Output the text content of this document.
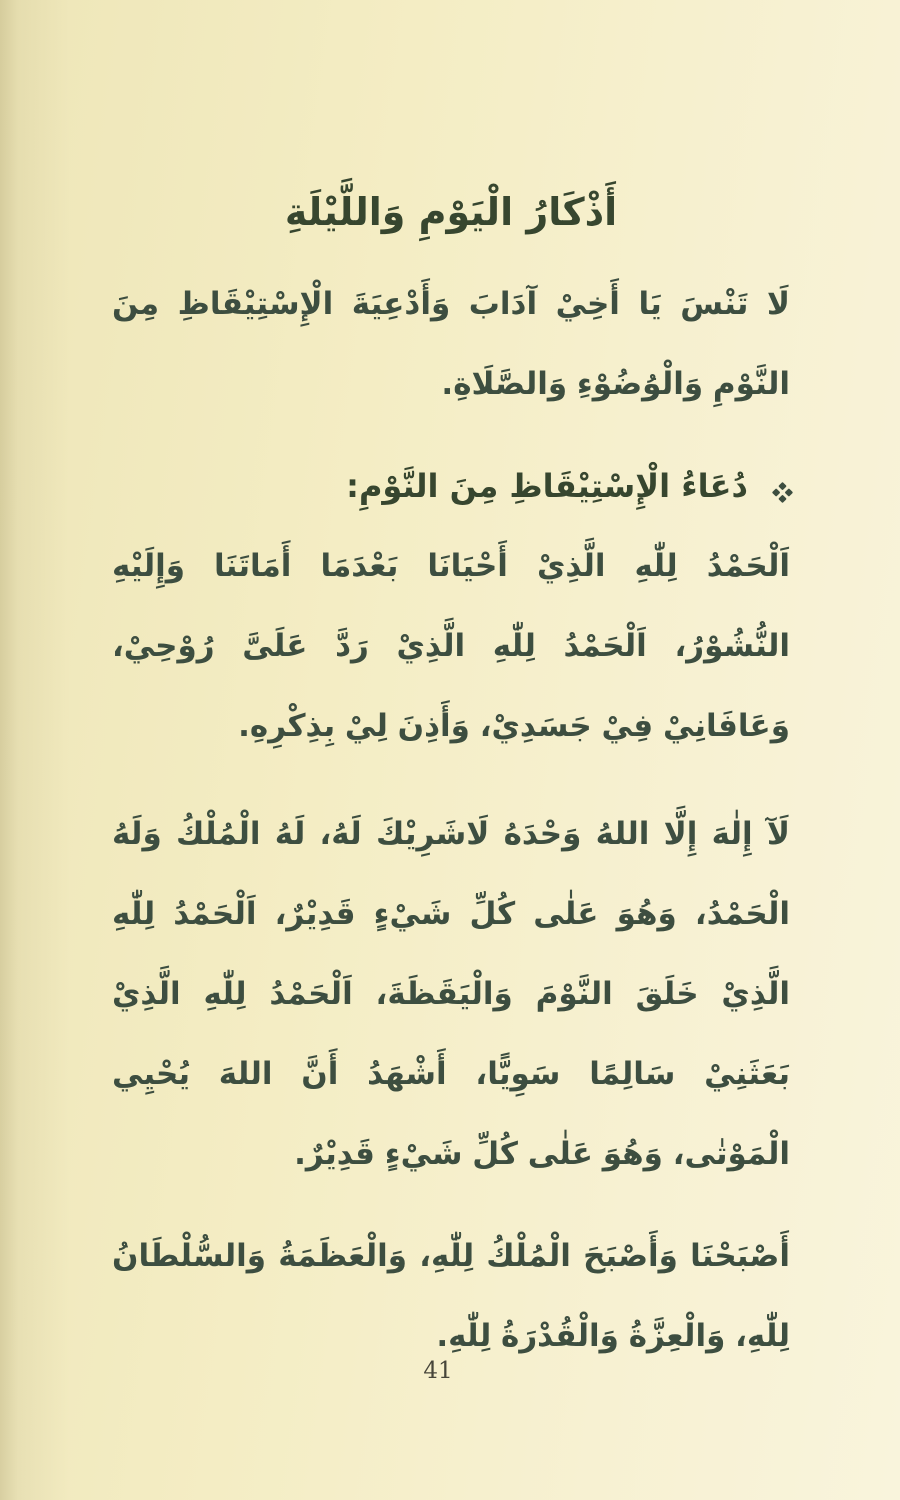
أَذْكَارُ الْيَوْمِ وَاللَّيْلَةِ

لَا تَنْسَ يَا أَخِيْ آدَابَ وَأَدْعِيَةَ الْإِسْتِيْقَاظِ مِنَ النَّوْمِ وَالْوُضُوْءِ وَالصَّلَاةِ.

دُعَاءُ الْإِسْتِيْقَاظِ مِنَ النَّوْمِ:

اَلْحَمْدُ لِلّٰهِ الَّذِيْ أَحْيَانَا بَعْدَمَا أَمَاتَنَا وَإِلَيْهِ النُّشُوْرُ، اَلْحَمْدُ لِلّٰهِ الَّذِيْ رَدَّ عَلَىَّ رُوْحِيْ، وَعَافَانِيْ فِيْ جَسَدِيْ، وَأَذِنَ لِيْ بِذِكْرِهِ.

لَآ إِلٰهَ إِلَّا اللهُ وَحْدَهُ لَاشَرِيْكَ لَهُ، لَهُ الْمُلْكُ وَلَهُ الْحَمْدُ، وَهُوَ عَلٰى كُلِّ شَيْءٍ قَدِيْرٌ، اَلْحَمْدُ لِلّٰهِ الَّذِيْ خَلَقَ النَّوْمَ وَالْيَقَظَةَ، اَلْحَمْدُ لِلّٰهِ الَّذِيْ بَعَثَنِيْ سَالِمًا سَوِيًّا، أَشْهَدُ أَنَّ اللهَ يُحْيِي الْمَوْتٰى، وَهُوَ عَلٰى كُلِّ شَيْءٍ قَدِيْرٌ.

أَصْبَحْنَا وَأَصْبَحَ الْمُلْكُ لِلّٰهِ، وَالْعَظَمَةُ وَالسُّلْطَانُ لِلّٰهِ، وَالْعِزَّةُ وَالْقُدْرَةُ لِلّٰهِ.

41
